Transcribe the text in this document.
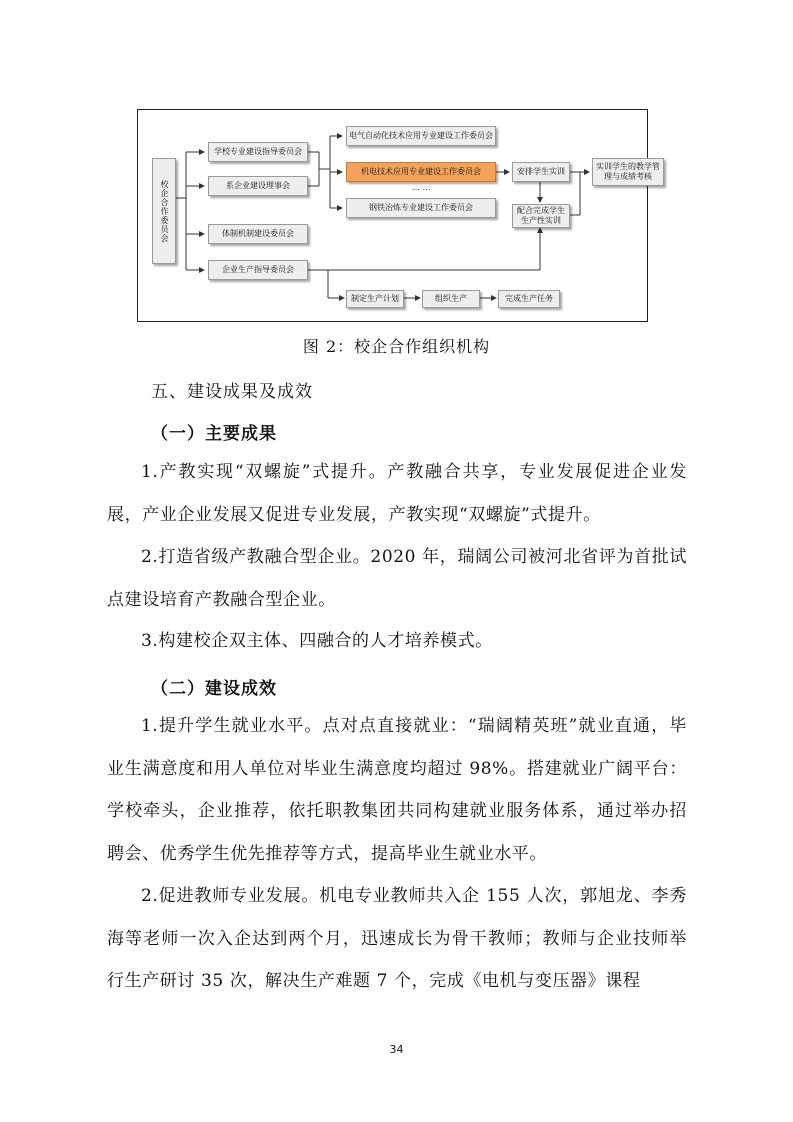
校企合作委员会
学校专业建设指导委员会
系企业建设理事会
体制机制建设委员会
企业生产指导委员会
电气自动化技术应用专业建设工作委员会
机电技术应用专业建设工作委员会
… …
钢铁冶炼专业建设工作委员会
安排学生实训
配合完成学生生产性实训
实训学生的教学管理与成绩考核
制定生产计划	组织生产	完成生产任务
图 2：校企合作组织机构
五、建设成果及成效
（一）主要成果
1.产教实现“双螺旋”式提升。产教融合共享，专业发展促进企业发展，产业企业发展又促进专业发展，产教实现“双螺旋”式提升。
2.打造省级产教融合型企业。2020 年，瑞阔公司被河北省评为首批试点建设培育产教融合型企业。
3.构建校企双主体、四融合的人才培养模式。
（二）建设成效
1.提升学生就业水平。点对点直接就业：“瑞阔精英班”就业直通，毕业生满意度和用人单位对毕业生满意度均超过 98%。搭建就业广阔平台：学校牵头，企业推荐，依托职教集团共同构建就业服务体系，通过举办招聘会、优秀学生优先推荐等方式，提高毕业生就业水平。
2.促进教师专业发展。机电专业教师共入企 155 人次，郭旭龙、李秀海等老师一次入企达到两个月，迅速成长为骨干教师；教师与企业技师举行生产研讨 35 次，解决生产难题 7 个，完成《电机与变压器》课程
34
